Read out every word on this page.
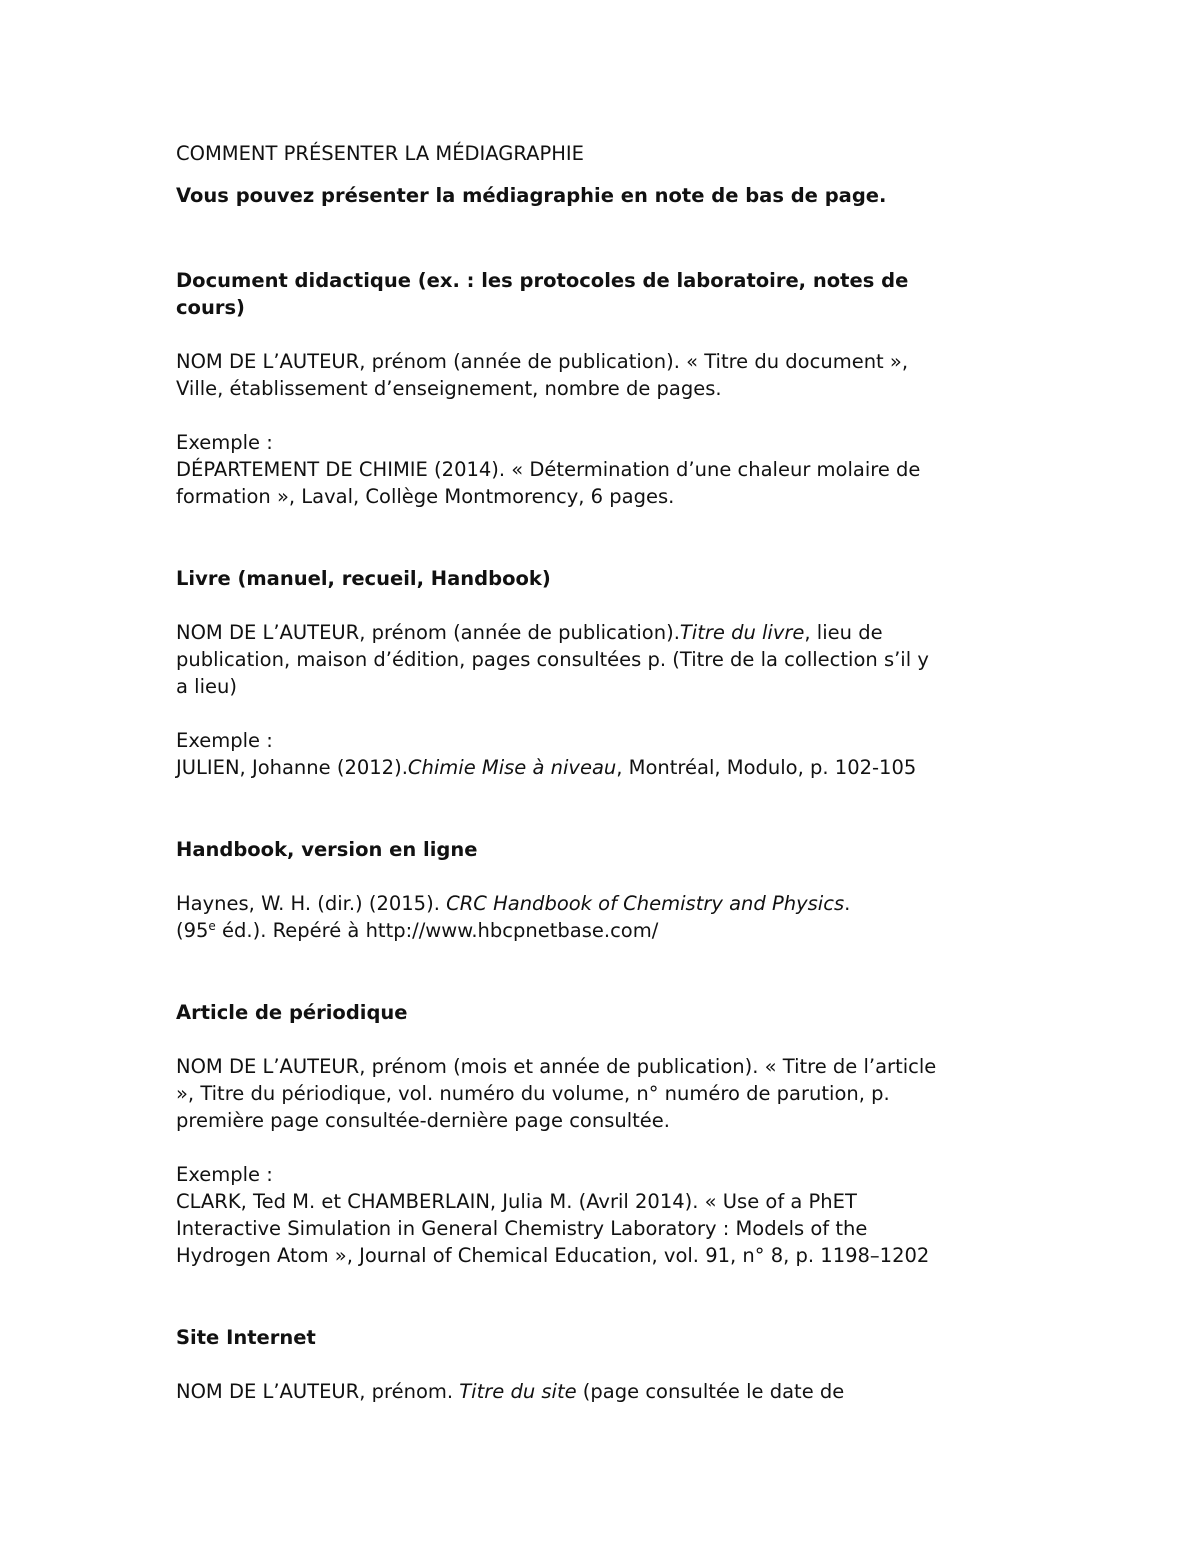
COMMENT PRÉSENTER LA MÉDIAGRAPHIE
Vous pouvez présenter la médiagraphie en note de bas de page.
Document didactique (ex. : les protocoles de laboratoire, notes de
cours)
NOM DE L’AUTEUR, prénom (année de publication). « Titre du document »,
Ville, établissement d’enseignement, nombre de pages.
Exemple :
DÉPARTEMENT DE CHIMIE (2014). « Détermination d’une chaleur molaire de
formation », Laval, Collège Montmorency, 6 pages.
Livre (manuel, recueil, Handbook)
NOM DE L’AUTEUR, prénom (année de publication).Titre du livre, lieu de
publication, maison d’édition, pages consultées p. (Titre de la collection s’il y
a lieu)
Exemple :
JULIEN, Johanne (2012).Chimie Mise à niveau, Montréal, Modulo, p. 102-105
Handbook, version en ligne
Haynes, W. H. (dir.) (2015). CRC Handbook of Chemistry and Physics.
(95e éd.). Repéré à http://www.hbcpnetbase.com/
Article de périodique
NOM DE L’AUTEUR, prénom (mois et année de publication). « Titre de l’article
», Titre du périodique, vol. numéro du volume, n° numéro de parution, p.
première page consultée-dernière page consultée.
Exemple :
CLARK, Ted M. et CHAMBERLAIN, Julia M. (Avril 2014). « Use of a PhET
Interactive Simulation in General Chemistry Laboratory : Models of the
Hydrogen Atom », Journal of Chemical Education, vol. 91, n° 8, p. 1198–1202
Site Internet
NOM DE L’AUTEUR, prénom. Titre du site (page consultée le date de
